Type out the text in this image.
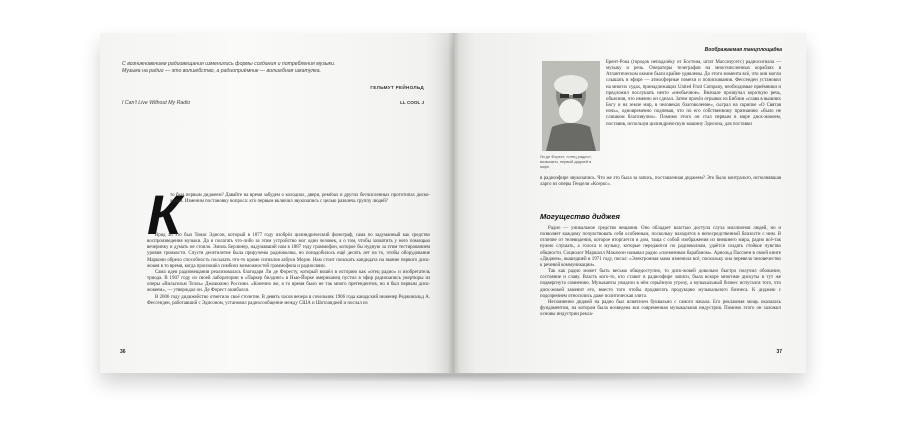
С возникновением радиовещания изменились формы создания и потребления музыки.
Музыка на радио — это волшебство, а радиоприёмник — волшебная шкатулка.
ГЕЛЬМУТ РЕЙНОЛЬД
I Can't Live Without My Radio	LL COOL J
К
то был первым диджеем? Давайте на время забудем о колоднах, двери, ремёзах и других бесчисленных прототипах диско-жокея. Изменим постановку вопроса: кто первым включил звукозапись с целью развлечь группу людей?
Вряд ли это был Томас Эдисон, который в 1877 году изобрёл цилиндрический фонограф, сама по задуманный как средство воспроизведения музыки. Да и полагать что-либо за этим устройство мог один человек, а о том, чтобы захватить у него помощью вечеринку и думать не стоило. Эмиль Берлинер, надумавший нам в 1887 году граммофон, которое бы нудную за этим тестированием уровня громкости. Спустя десятилетие была приручены радиоволны, но понадобилось ещё десять лет на то, чтобы оборудование Маркони обрело способность посылать что-то кроме сигналов азбуки Морзе. Нам стоит поискать кандидата на звание первого диск-жокея в то время, когда произошёл симбиоз возможностей граммофона и радиосвязи.
Сама идея радиовещания реализовалась благодаря Ли де Форесту, который вошёл в историю как «отец радио» и изобретатель триода. В 1907 году из своей лаборатории в «Паркер билдинг» в Нью-Йорке американец пустил в эфир радиозапись увертюры из оперы «Вильгельм Телль» Джоаккино Россини. «Конечно же, я то время было не так много претендентов, но я был первым диск-жокеем», — утверждал он. Де Форест ошибался.
В 2006 году дидижейство отметило своё столетие. В девять часов вечера в сочельник 1906 года канадский инженер Реджинальд А. Фессенден, работавший с Эдисоном, установил радиосообщение между США и Шотландией и послал из
36
Воображаемая танцплощадка
Ли де Форест, «отец радио», возможно, первый диджей в мире
Брент-Рока (городок неподалёку от Бостона, штат Массачусетс) радиосигнала — музыку и речь. Операторы телеграфов на многочисленных кораблях в Атлантическом океане были крайне удивлены. До этого момента всё, что они могли слышать в эфире — атмосферные помехи и попискивания. Фессенден установил на многих судах, принадлежащих United Fruit Company, необходимые приёмники и предложил послушать нечто «необычное». Вначале прозвучал короткую речь, объяснив, что именно он сделал. Затем прочёл отрывок из Библии «слава в вышних Богу и на земле мир, в человеках благоволение», сыграл на скрипке «О Святая ночь», одновременно подпевая, что по его собственному признанию «было не слишком благозвучно». Помимо этого он стал первым в мире диск-жокеем, поставив, используя цилиндрическую машину Эдисона, для поставки
в радиоэфире звукозапись. Что же это была за запись, поставленная диджеем? Это было контральто, исполнявшая ларго из оперы Генделя «Ксеркс».
Могущество диджея
Радио — уникальное средство вещания. Оно обладает властью доступа слуха миллионов людей, но и позволяет каждому почувствовать себя особенным, поскольку находится в непосредственной близости с ним. В отличие от телевидения, которое вторгается в дом, таща с собой изображения из внешнего мира, радио всё-так нужно слушать, а голоса и музыку, которые передаются по радиоволнам, удаётся создать стойкое чувство общности. Социолог Маршалл Маклюэн называл радио «племенным барабаном». Арнольд Пассмен в своей книге «Диджеи», вышедшей в 1971 году, писал: «Электронная мама изменила всё, поскольку она перевела человечество к речевой коммуникации».
Так как радио может быть весьма общедоступно, то диск-жокей довольно быстро получил обожание, состояние и славу. Власть кого-то, кто ставит в радиоэфире записи, была вскоре многими дискуты и тут же подвергнута сомнению. Музыканты увидели в нём серьёзную угрозу, а музыкальный бизнес испугался того, что диск-жокей заменит его, вместо того чтобы продвигать продукцию музыкального бизнеса. К диджею с подозрением относились даже политическая элита.
Несомненно диджей на радио был влиятелен буквально с самого начала. Его рекламная мощь оказалась фундаментом, на котором была возведена вся современная музыкальная индустрия. Помимо этого он заложил основы индустрии рекла-
37
